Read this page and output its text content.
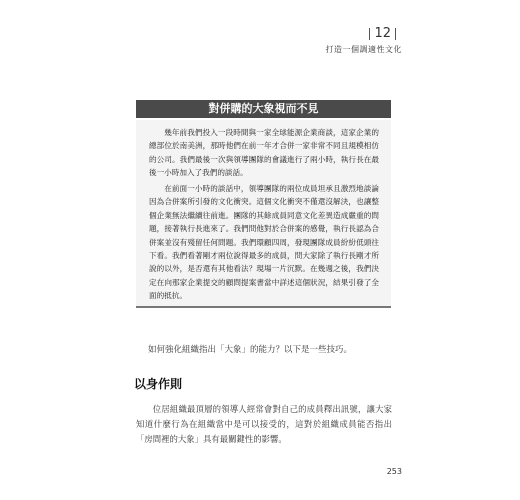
12
打造一個調適性文化
對併購的大象視而不見

幾年前我們投入一段時間與一家全球能源企業商談，這家企業的總部位於南美洲，那時他們在前一年才合併一家非常不同且規模相仿的公司。我們最後一次與領導團隊的會議進行了兩小時，執行長在最後一小時加入了我們的談話。

在前面一小時的談話中，領導團隊的兩位成員坦承且激烈地談論因為合併案所引發的文化衝突。這個文化衝突不僅還沒解決，也讓整個企業無法繼續往前進。團隊的其餘成員同意文化差異造成嚴重的問題，接著執行長進來了。我們問他對於合併案的感覺，執行長認為合併案並沒有殘留任何問題。我們環顧四周，發現團隊成員紛紛低頭往下看。我們看著剛才兩位說得最多的成員，問大家除了執行長剛才所說的以外，是否還有其他看法？現場一片沉默。在幾週之後，我們決定在向那家企業提交的顧問提案書當中詳述這個狀況，結果引發了全面的抵抗。

如何強化組織指出「大象」的能力？以下是一些技巧。
以身作則

位居組織最頂層的領導人經常會對自己的成員釋出訊號，讓大家知道什麼行為在組織當中是可以接受的，這對於組織成員能否指出「房間裡的大象」具有最關鍵性的影響。

253
